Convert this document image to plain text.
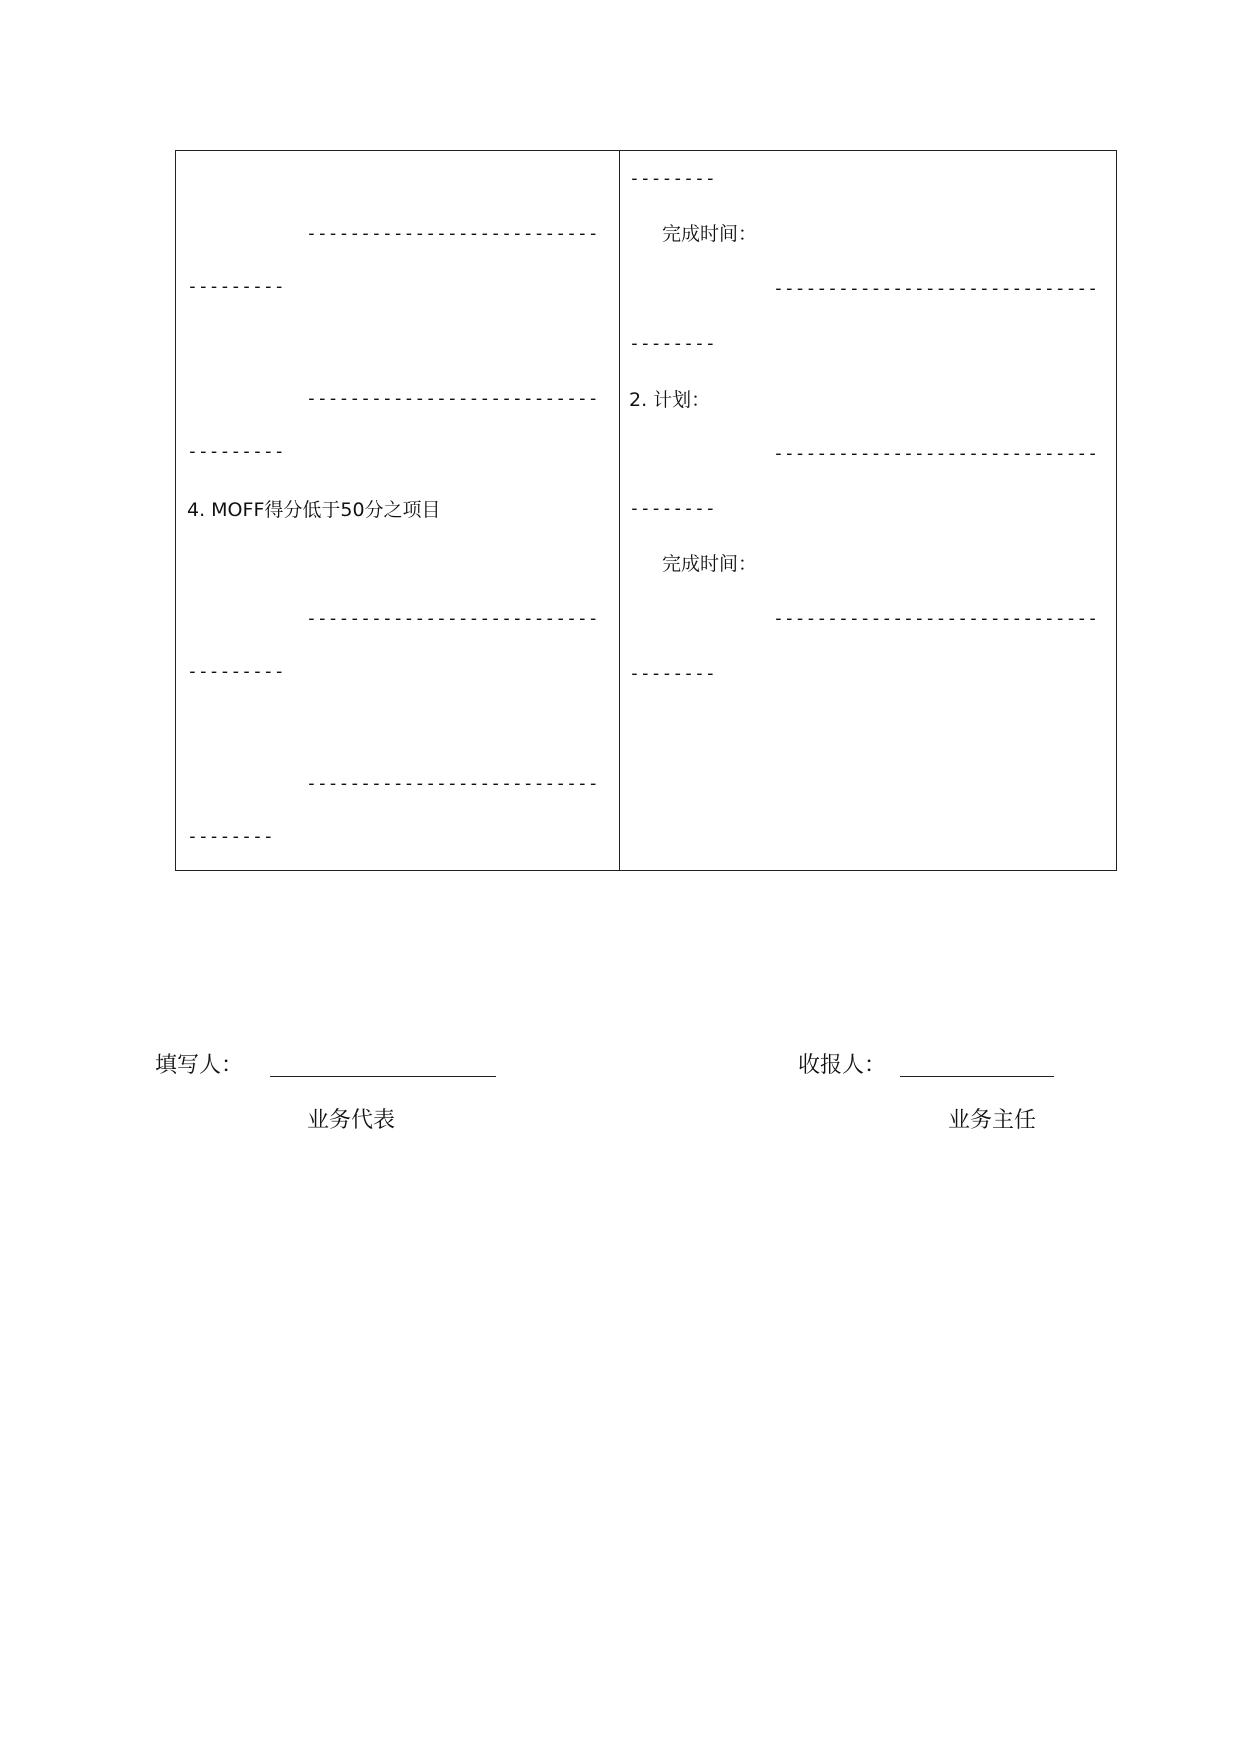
---------------------------
---------
---------------------------
---------
4. MOFF得分低于50分之项目
---------------------------
---------
---------------------------
--------
--------
完成时间：
------------------------------
--------
2. 计划：
------------------------------
--------
完成时间：
------------------------------
--------
填写人：
业务代表
收报人：
业务主任
